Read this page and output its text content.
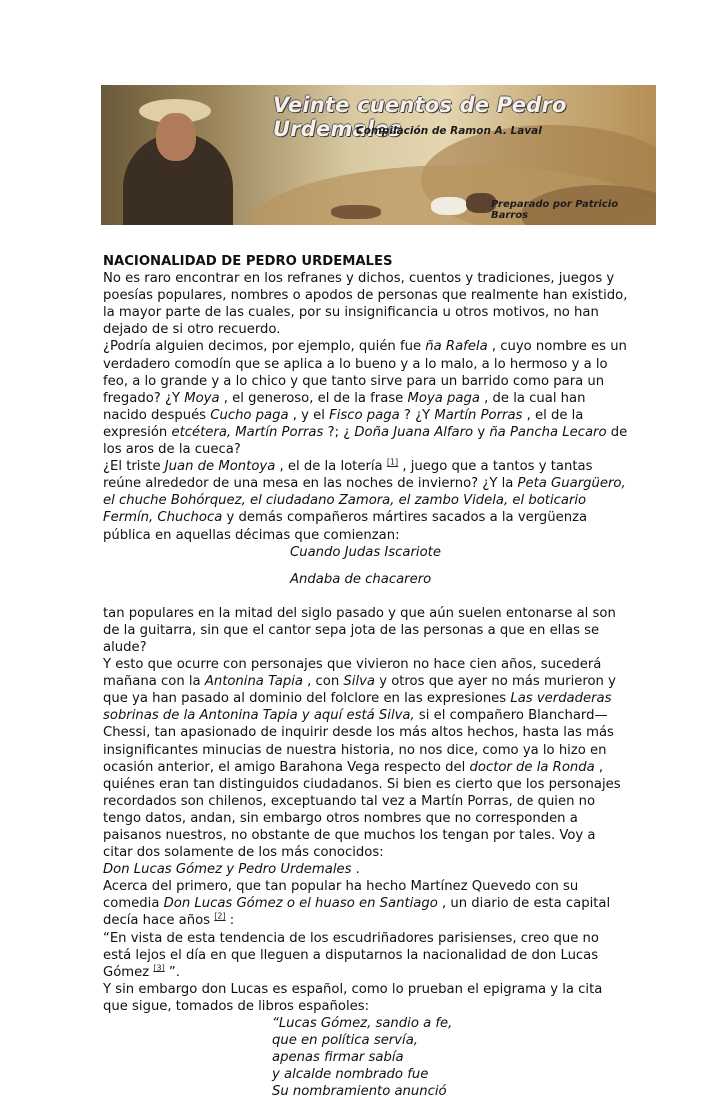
Veinte cuentos de Pedro Urdemales
Compilación de Ramon A. Laval
Preparado por Patricio Barros

NACIONALIDAD DE PEDRO URDEMALES

No es raro encontrar en los refranes y dichos, cuentos y tradiciones, juegos y poesías populares, nombres o apodos de personas que realmente han existido, la mayor parte de las cuales, por su insignificancia u otros motivos, no han dejado de si otro recuerdo.

¿Podría alguien decimos, por ejemplo, quién fue ña Rafela , cuyo nombre es un verdadero comodín que se aplica a lo bueno y a lo malo, a lo hermoso y a lo feo, a lo grande y a lo chico y que tanto sirve para un barrido como para un fregado? ¿Y Moya , el generoso, el de la frase Moya paga , de la cual han nacido después Cucho paga , y el Fisco paga ? ¿Y Martín Porras , el de la expresión etcétera, Martín Porras ?; ¿ Doña Juana Alfaro y ña Pancha Lecaro de los aros de la cueca?

¿El triste Juan de Montoya , el de la lotería [1] , juego que a tantos y tantas reúne alrededor de una mesa en las noches de invierno? ¿Y la Peta Guargüero, el chuche Bohórquez, el ciudadano Zamora, el zambo Videla, el boticario Fermín, Chuchoca y demás compañeros mártires sacados a la vergüenza pública en aquellas décimas que comienzan:

Cuando Judas Iscariote

Andaba de chacarero

tan populares en la mitad del siglo pasado y que aún suelen entonarse al son de la guitarra, sin que el cantor sepa jota de las personas a que en ellas se alude?

Y esto que ocurre con personajes que vivieron no hace cien años, sucederá mañana con la Antonina Tapia , con Silva y otros que ayer no más murieron y que ya han pasado al dominio del folclore en las expresiones Las verdaderas sobrinas de la Antonina Tapia y aquí está Silva, si el compañero Blanchard— Chessi, tan apasionado de inquirir desde los más altos hechos, hasta las más insignificantes minucias de nuestra historia, no nos dice, como ya lo hizo en ocasión anterior, el amigo Barahona Vega respecto del doctor de la Ronda , quiénes eran tan distinguidos ciudadanos. Si bien es cierto que los personajes recordados son chilenos, exceptuando tal vez a Martín Porras, de quien no tengo datos, andan, sin embargo otros nombres que no corresponden a paisanos nuestros, no obstante de que muchos los tengan por tales. Voy a citar dos solamente de los más conocidos:

Don Lucas Gómez y Pedro Urdemales .

Acerca del primero, que tan popular ha hecho Martínez Quevedo con su comedia Don Lucas Gómez o el huaso en Santiago , un diario de esta capital decía hace años [2] :

“En vista de esta tendencia de los escudriñadores parisienses, creo que no está lejos el día en que lleguen a disputarnos la nacionalidad de don Lucas Gómez [3] ”.

Y sin embargo don Lucas es español, como lo prueban el epigrama y la cita que sigue, tomados de libros españoles:

“Lucas Gómez, sandio a fe,

que en política servía,

apenas firmar sabía

y alcalde nombrado fue

Su nombramiento anunció
